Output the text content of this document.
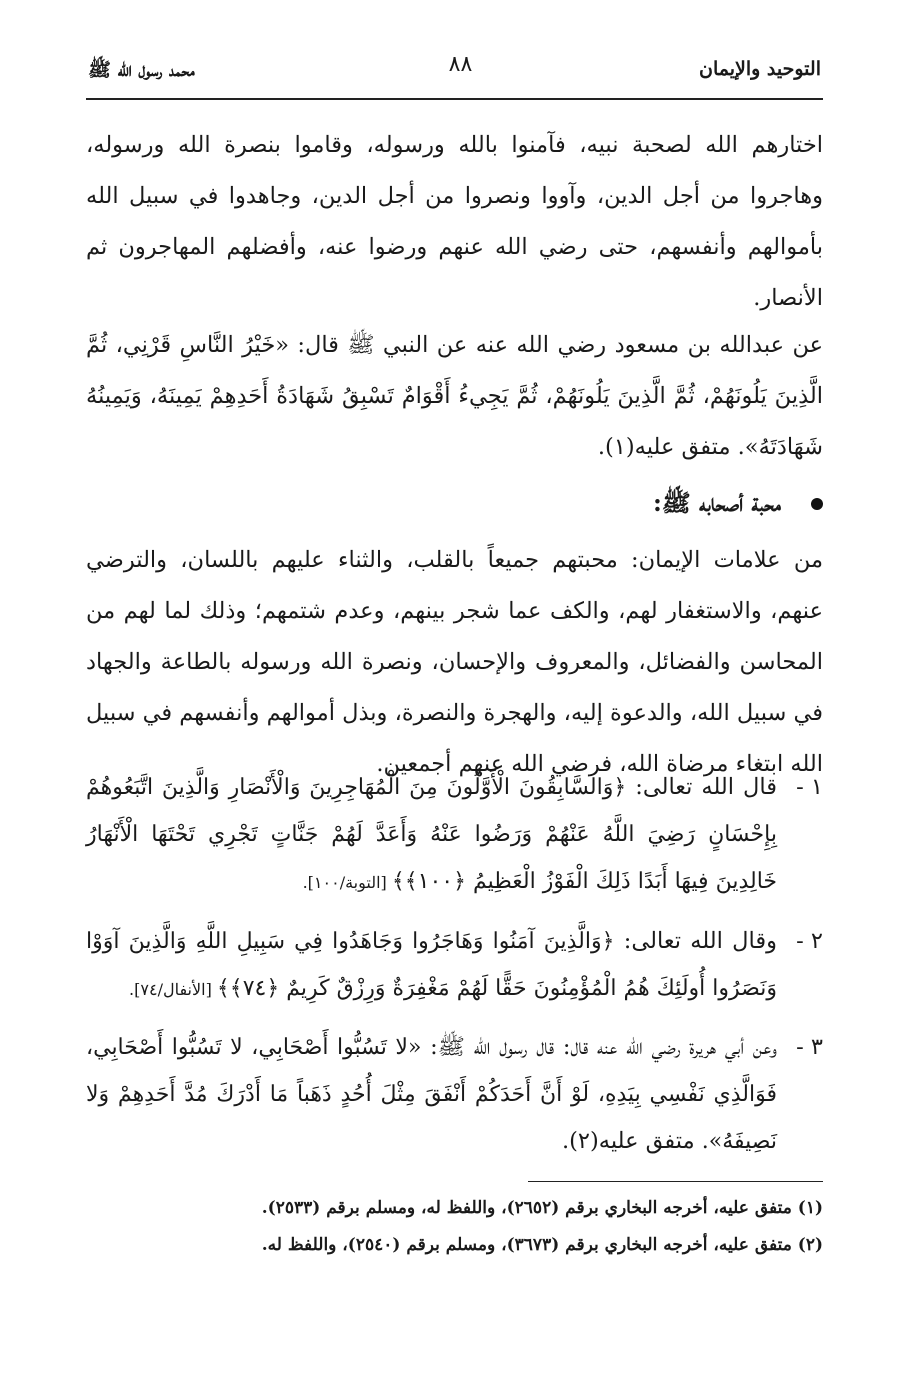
التوحيد والإيمان
٨٨
محمد رسول الله ﷺ

اختارهم الله لصحبة نبيه، فآمنوا بالله ورسوله، وقاموا بنصرة الله ورسوله، وهاجروا من أجل الدين، وآووا ونصروا من أجل الدين، وجاهدوا في سبيل الله بأموالهم وأنفسهم، حتى رضي الله عنهم ورضوا عنه، وأفضلهم المهاجرون ثم الأنصار.

عن عبدالله بن مسعود رضي الله عنه عن النبي ﷺ قال: «خَيْرُ النَّاسِ قَرْنِي، ثُمَّ الَّذِينَ يَلُونَهُمْ، ثُمَّ الَّذِينَ يَلُونَهُمْ، ثُمَّ يَجِيءُ أَقْوَامٌ تَسْبِقُ شَهَادَةُ أَحَدِهِمْ يَمِينَهُ، وَيَمِينُهُ شَهَادَتَهُ». متفق عليه(١).

محبة أصحابه ﷺ:

من علامات الإيمان: محبتهم جميعاً بالقلب، والثناء عليهم باللسان، والترضي عنهم، والاستغفار لهم، والكف عما شجر بينهم، وعدم شتمهم؛ وذلك لما لهم من المحاسن والفضائل، والمعروف والإحسان، ونصرة الله ورسوله بالطاعة والجهاد في سبيل الله، والدعوة إليه، والهجرة والنصرة، وبذل أموالهم وأنفسهم في سبيل الله ابتغاء مرضاة الله، فرضي الله عنهم أجمعين.

١ -
قال الله تعالى: ﴿وَالسَّابِقُونَ الْأَوَّلُونَ مِنَ الْمُهَاجِرِينَ وَالْأَنْصَارِ وَالَّذِينَ اتَّبَعُوهُمْ بِإِحْسَانٍ رَضِيَ اللَّهُ عَنْهُمْ وَرَضُوا عَنْهُ وَأَعَدَّ لَهُمْ جَنَّاتٍ تَجْرِي تَحْتَهَا الْأَنْهَارُ خَالِدِينَ فِيهَا أَبَدًا ذَلِكَ الْفَوْزُ الْعَظِيمُ ﴿١٠٠﴾﴾ [التوبة/١٠٠].
٢ -
وقال الله تعالى: ﴿وَالَّذِينَ آمَنُوا وَهَاجَرُوا وَجَاهَدُوا فِي سَبِيلِ اللَّهِ وَالَّذِينَ آوَوْا وَنَصَرُوا أُولَئِكَ هُمُ الْمُؤْمِنُونَ حَقًّا لَهُمْ مَغْفِرَةٌ وَرِزْقٌ كَرِيمٌ ﴿٧٤﴾﴾ [الأنفال/٧٤].
٣ -
وعن أبي هريرة رضي الله عنه قال: قال رسول الله ﷺ: «لا تَسُبُّوا أَصْحَابِي، لا تَسُبُّوا أَصْحَابِي، فَوَالَّذِي نَفْسِي بِيَدِهِ، لَوْ أَنَّ أَحَدَكُمْ أَنْفَقَ مِثْلَ أُحُدٍ ذَهَباً مَا أَدْرَكَ مُدَّ أَحَدِهِمْ وَلا نَصِيفَهُ». متفق عليه(٢).
(١) متفق عليه، أخرجه البخاري برقم (٢٦٥٢)، واللفظ له، ومسلم برقم (٢٥٣٣).
(٢) متفق عليه، أخرجه البخاري برقم (٣٦٧٣)، ومسلم برقم (٢٥٤٠)، واللفظ له.
